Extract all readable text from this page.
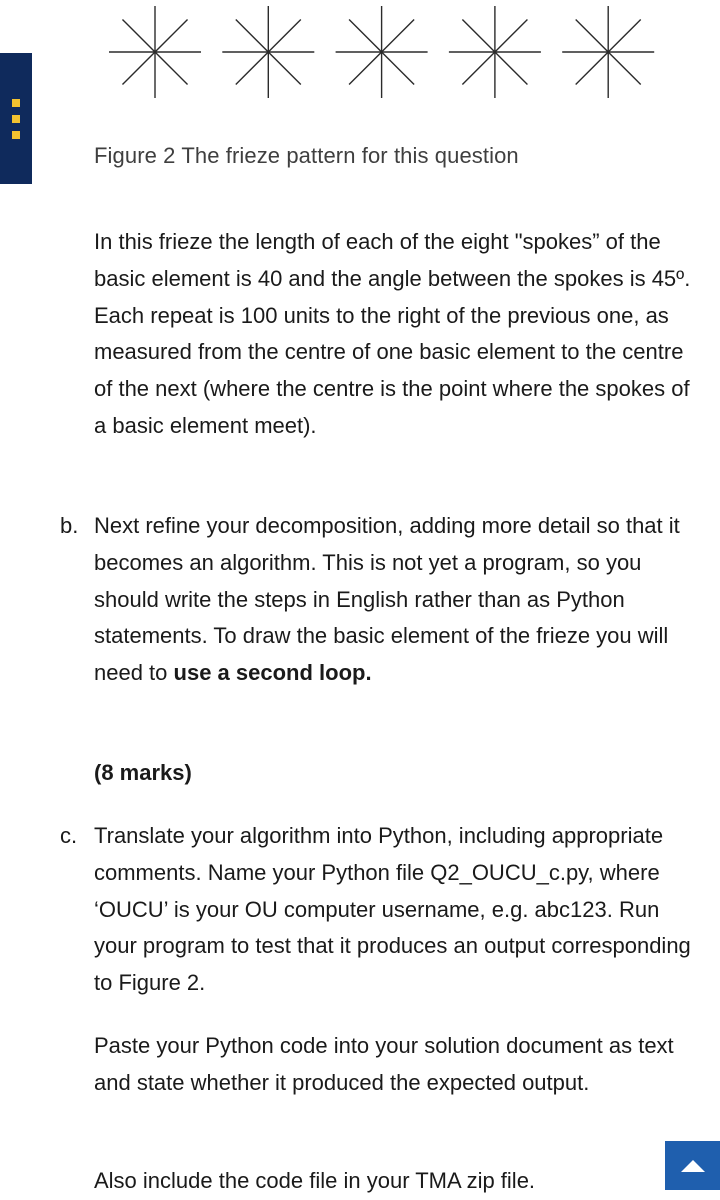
Figure 2 The frieze pattern for this question

In this frieze the length of each of the eight "spokes” of the basic element is 40 and the angle between the spokes is 45º. Each repeat is 100 units to the right of the previous one, as measured from the centre of one basic element to the centre of the next (where the centre is the point where the spokes of a basic element meet).

b. Next refine your decomposition, adding more detail so that it becomes an algorithm. This is not yet a program, so you should write the steps in English rather than as Python statements. To draw the basic element of the frieze you will need to use a second loop.

(8 marks)

c. Translate your algorithm into Python, including appropriate comments. Name your Python file Q2_OUCU_c.py, where ‘OUCU’ is your OU computer username, e.g. abc123. Run your program to test that it produces an output corresponding to Figure 2.

Paste your Python code into your solution document as text and state whether it produced the expected output.

Also include the code file in your TMA zip file.
